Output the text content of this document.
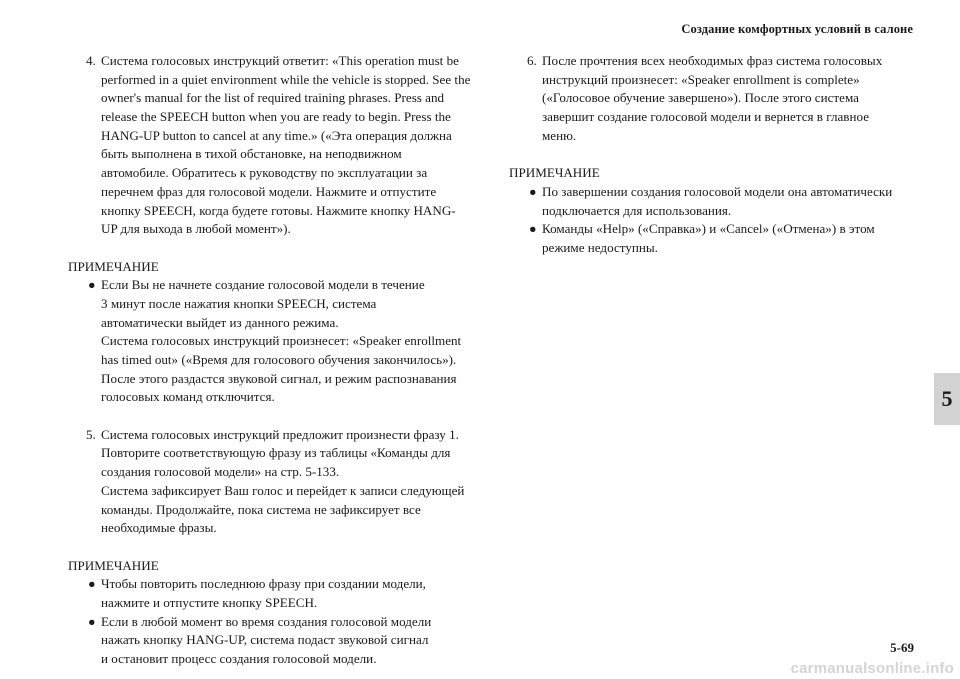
Создание комфортных условий в салоне
4. Система голосовых инструкций ответит: «This operation must be
performed in a quiet environment while the vehicle is stopped. See the
owner's manual for the list of required training phrases. Press and
release the SPEECH button when you are ready to begin. Press the
HANG-UP button to cancel at any time.» («Эта операция должна
быть выполнена в тихой обстановке, на неподвижном
автомобиле. Обратитесь к руководству по эксплуатации за
перечнем фраз для голосовой модели. Нажмите и отпустите
кнопку SPEECH, когда будете готовы. Нажмите кнопку HANG-
UP для выхода в любой момент»).
ПРИМЕЧАНИЕ
● Если Вы не начнете создание голосовой модели в течение
3 минут после нажатия кнопки SPEECH, система
автоматически выйдет из данного режима.
Система голосовых инструкций произнесет: «Speaker enrollment
has timed out» («Время для голосового обучения закончилось»).
После этого раздастся звуковой сигнал, и режим распознавания
голосовых команд отключится.
5. Система голосовых инструкций предложит произнести фразу 1.
Повторите соответствующую фразу из таблицы «Команды для
создания голосовой модели» на стр. 5-133.
Система зафиксирует Ваш голос и перейдет к записи следующей
команды. Продолжайте, пока система не зафиксирует все
необходимые фразы.
ПРИМЕЧАНИЕ
● Чтобы повторить последнюю фразу при создании модели,
нажмите и отпустите кнопку SPEECH.
● Если в любой момент во время создания голосовой модели
нажать кнопку HANG-UP, система подаст звуковой сигнал
и остановит процесс создания голосовой модели.
6. После прочтения всех необходимых фраз система голосовых
инструкций произнесет: «Speaker enrollment is complete»
(«Голосовое обучение завершено»). После этого система
завершит создание голосовой модели и вернется в главное
меню.
ПРИМЕЧАНИЕ
● По завершении создания голосовой модели она автоматически
подключается для использования.
● Команды «Help» («Справка») и «Cancel» («Отмена») в этом
режиме недоступны.
5
5-69
carmanualsonline.info
